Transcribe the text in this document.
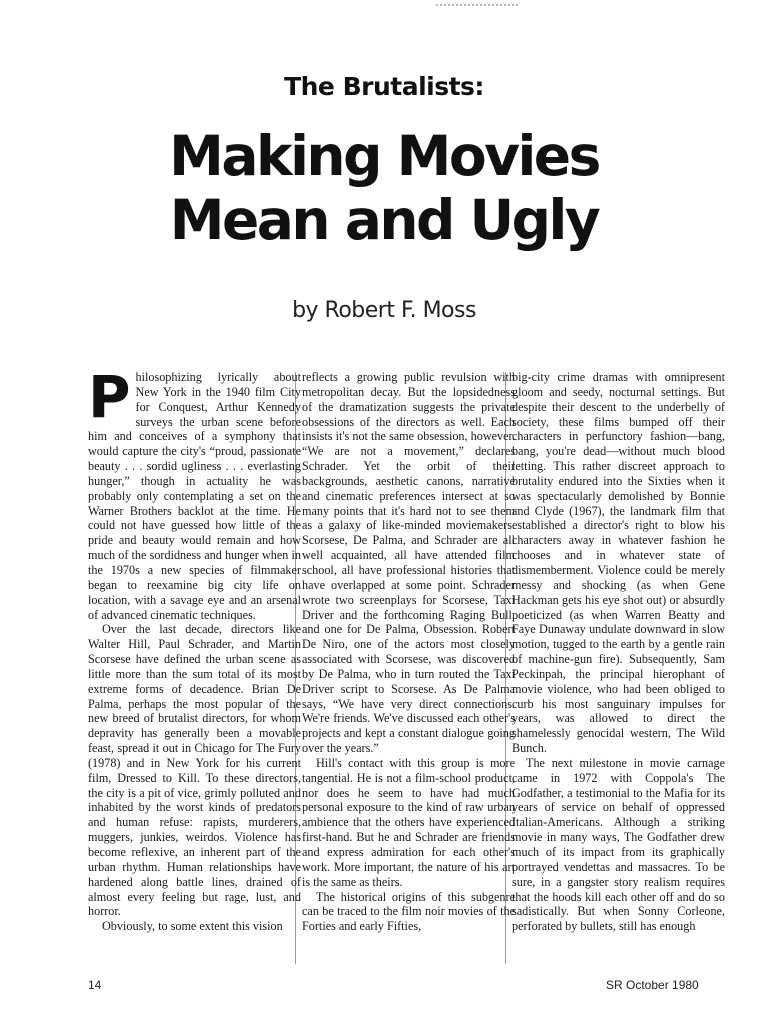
The Brutalists:
Making Movies
Mean and Ugly
by Robert F. Moss

Philosophizing lyrically about New York in the 1940 film City for Conquest, Arthur Kennedy surveys the urban scene before him and conceives of a symphony that would capture the city's “proud, passionate beauty . . . sordid ugliness . . . everlasting hunger,” though in actuality he was probably only contemplating a set on the Warner Brothers backlot at the time. He could not have guessed how little of the pride and beauty would remain and how much of the sordidness and hunger when in the 1970s a new species of filmmaker began to reexamine big city life on location, with a savage eye and an arsenal of advanced cinematic techniques.

Over the last decade, directors like Walter Hill, Paul Schrader, and Martin Scorsese have defined the urban scene as little more than the sum total of its most extreme forms of decadence. Brian De Palma, perhaps the most popular of the new breed of brutalist directors, for whom depravity has generally been a movable feast, spread it out in Chicago for The Fury (1978) and in New York for his current film, Dressed to Kill. To these directors, the city is a pit of vice, grimly polluted and inhabited by the worst kinds of predators and human refuse: rapists, murderers, muggers, junkies, weirdos. Violence has become reflexive, an inherent part of the urban rhythm. Human relationships have hardened along battle lines, drained of almost every feeling but rage, lust, and horror.

Obviously, to some extent this vision

reflects a growing public revulsion with metropolitan decay. But the lopsidedness of the dramatization suggests the private obsessions of the directors as well. Each insists it's not the same obsession, however. “We are not a movement,” declares Schrader. Yet the orbit of their backgrounds, aesthetic canons, narrative and cinematic preferences intersect at so many points that it's hard not to see them as a galaxy of like-minded moviemakers. Scorsese, De Palma, and Schrader are all well acquainted, all have attended film school, all have professional histories that have overlapped at some point. Schrader wrote two screenplays for Scorsese, Taxi Driver and the forthcoming Raging Bull, and one for De Palma, Obsession. Robert De Niro, one of the actors most closely associated with Scorsese, was discovered by De Palma, who in turn routed the Taxi Driver script to Scorsese. As De Palma says, “We have very direct connections. We're friends. We've discussed each other's projects and kept a constant dialogue going over the years.”

Hill's contact with this group is more tangential. He is not a film-school product, nor does he seem to have had much personal exposure to the kind of raw urban ambience that the others have experienced first-hand. But he and Schrader are friends and express admiration for each other's work. More important, the nature of his art is the same as theirs.

The historical origins of this subgenre can be traced to the film noir movies of the Forties and early Fifties,

big-city crime dramas with omnipresent gloom and seedy, nocturnal settings. But despite their descent to the underbelly of society, these films bumped off their characters in perfunctory fashion—bang, bang, you're dead—without much blood letting. This rather discreet approach to brutality endured into the Sixties when it was spectacularly demolished by Bonnie and Clyde (1967), the landmark film that established a director's right to blow his characters away in whatever fashion he chooses and in whatever state of dismemberment. Violence could be merely messy and shocking (as when Gene Hackman gets his eye shot out) or absurdly poeticized (as when Warren Beatty and Faye Dunaway undulate downward in slow motion, tugged to the earth by a gentle rain of machine-gun fire). Subsequently, Sam Peckinpah, the principal hierophant of movie violence, who had been obliged to curb his most sanguinary impulses for years, was allowed to direct the shamelessly genocidal western, The Wild Bunch.

The next milestone in movie carnage came in 1972 with Coppola's The Godfather, a testimonial to the Mafia for its years of service on behalf of oppressed Italian-Americans. Although a striking movie in many ways, The Godfather drew much of its impact from its graphically portrayed vendettas and massacres. To be sure, in a gangster story realism requires that the hoods kill each other off and do so sadistically. But when Sonny Corleone, perforated by bullets, still has enough

14	SR October 1980
